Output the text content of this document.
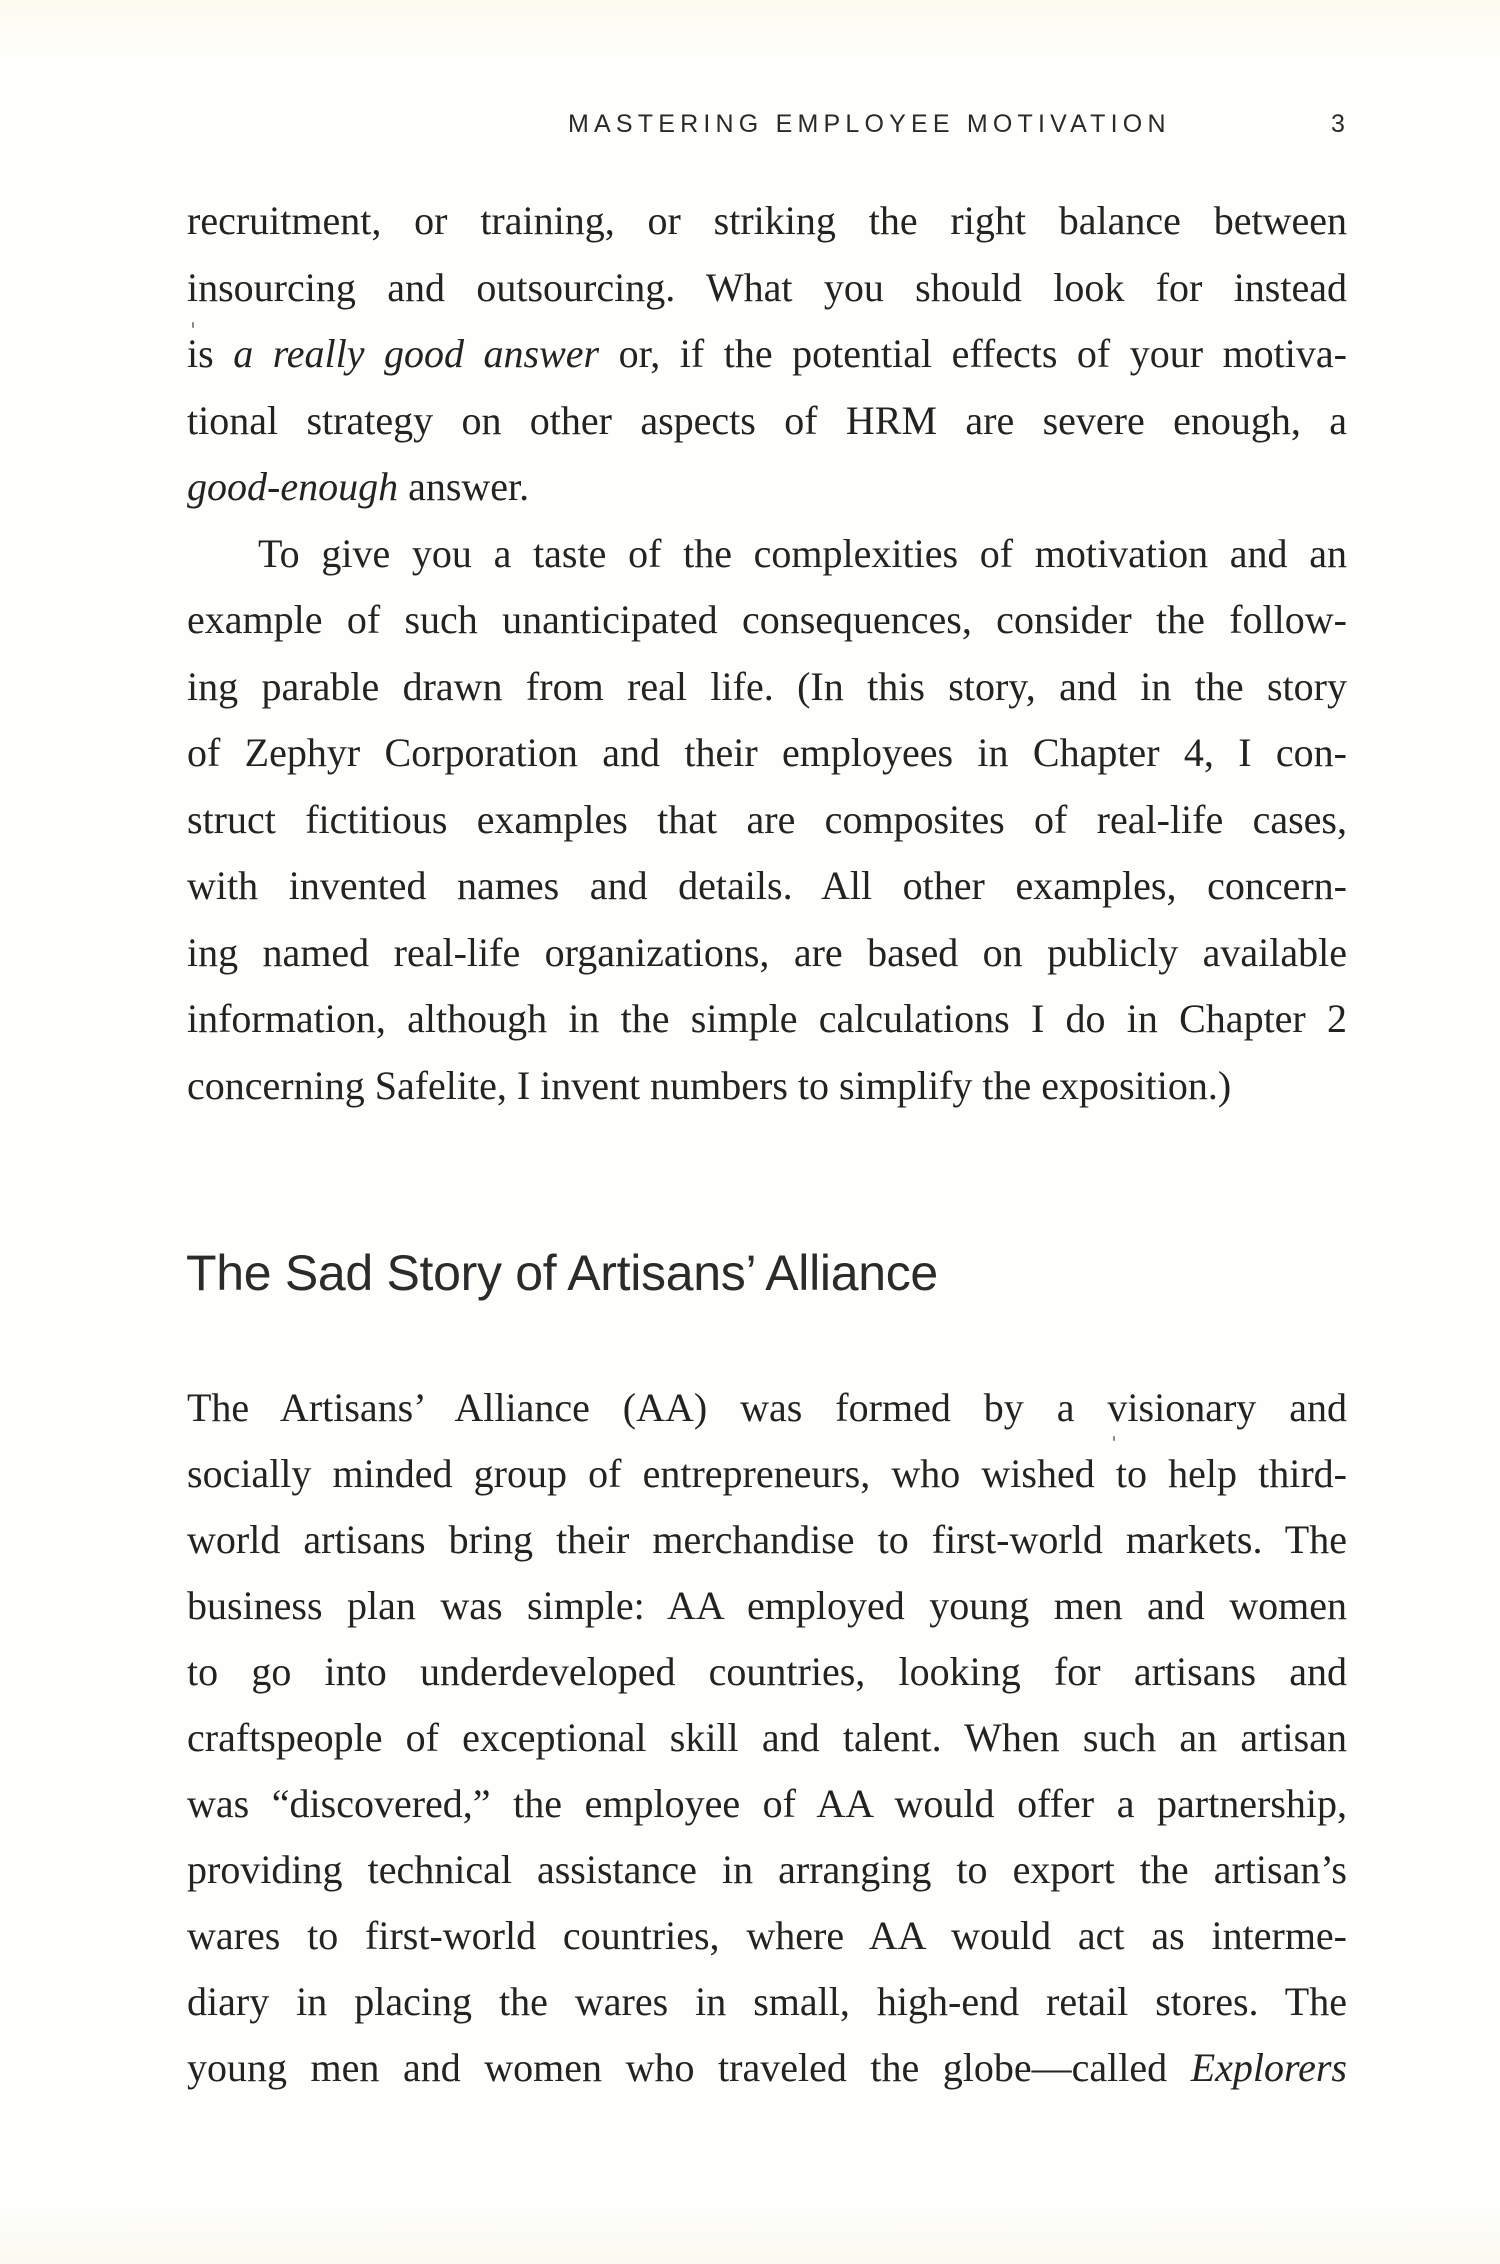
MASTERING EMPLOYEE MOTIVATION	3
recruitment, or training, or striking the right balance between
insourcing and outsourcing. What you should look for instead
is a really good answer or, if the potential effects of your motiva-
tional strategy on other aspects of HRM are severe enough, a
good-enough answer.
To give you a taste of the complexities of motivation and an
example of such unanticipated consequences, consider the follow-
ing parable drawn from real life. (In this story, and in the story
of Zephyr Corporation and their employees in Chapter 4, I con-
struct fictitious examples that are composites of real-life cases,
with invented names and details. All other examples, concern-
ing named real-life organizations, are based on publicly available
information, although in the simple calculations I do in Chapter 2
concerning Safelite, I invent numbers to simplify the exposition.)
The Sad Story of Artisans’ Alliance
The Artisans’ Alliance (AA) was formed by a visionary and
socially minded group of entrepreneurs, who wished to help third-
world artisans bring their merchandise to first-world markets. The
business plan was simple: AA employed young men and women
to go into underdeveloped countries, looking for artisans and
craftspeople of exceptional skill and talent. When such an artisan
was “discovered,” the employee of AA would offer a partnership,
providing technical assistance in arranging to export the artisan’s
wares to first-world countries, where AA would act as interme-
diary in placing the wares in small, high-end retail stores. The
young men and women who traveled the globe—called Explorers
